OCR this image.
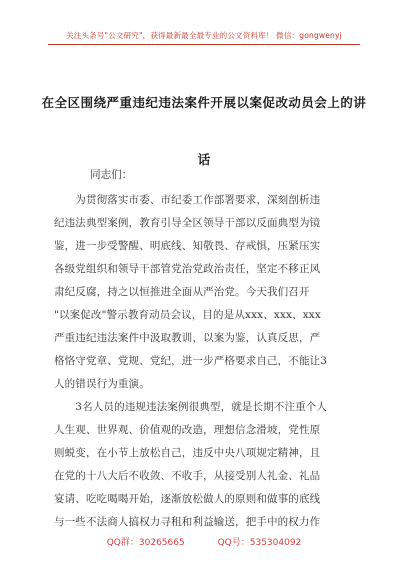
关注头条号"公文研究"，获得最新最全最专业的公文资料库！ 微信：gongwenyj
在全区围绕严重违纪违法案件开展以案促改动员会上的讲
话
同志们：
　　为贯彻落实市委、市纪委工作部署要求，深刻剖析违
纪违法典型案例，教育引导全区领导干部以反面典型为镜
鉴，进一步受警醒、明底线、知敬畏、存戒惧，压紧压实
各级党组织和领导干部管党治党政治责任，坚定不移正风
肃纪反腐，持之以恒推进全面从严治党。今天我们召开
"以案促改"警示教育动员会议，目的是从xxx、xxx、xxx
严重违纪违法案件中汲取教训，以案为鉴，认真反思，严
格恪守党章、党规、党纪，进一步严格要求自己，不能让3
人的错误行为重演。
　　3名人员的违规违法案例很典型，就是长期不注重个人
人生观、世界观、价值观的改造，理想信念滑坡，党性原
则蜕变，在小节上放松自己，违反中央八项规定精神，且
在党的十八大后不收敛、不收手，从接受别人礼金、礼品
宴请、吃吃喝喝开始，逐渐放松做人的原则和做事的底线
与一些不法商人搞权力寻租和利益输送，把手中的权力作
QQ群：30265665	QQ号：535304092
